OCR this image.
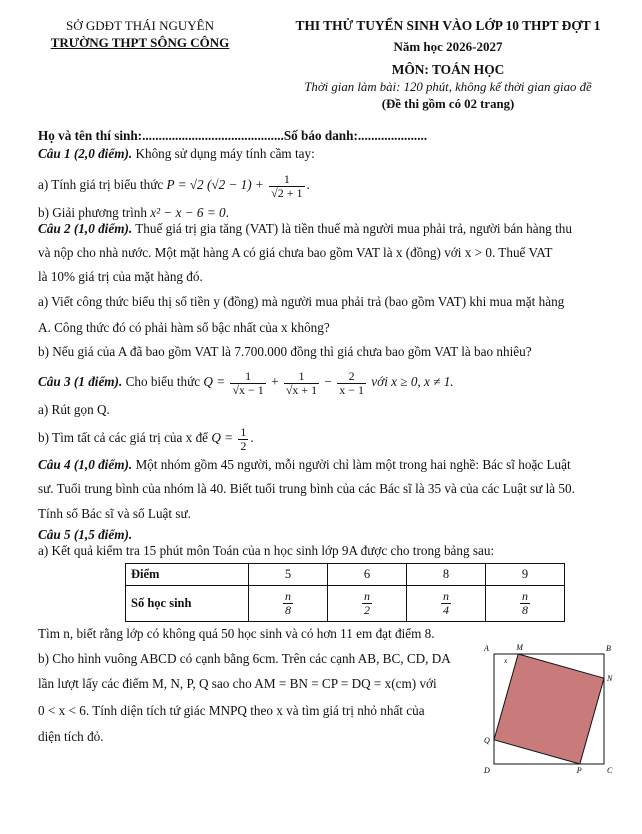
SỞ GDĐT THÁI NGUYÊN
TRƯỜNG THPT SÔNG CÔNG
THI THỬ TUYỂN SINH VÀO LỚP 10 THPT ĐỢT 1
Năm học 2026-2027
MÔN: TOÁN HỌC
Thời gian làm bài: 120 phút, không kể thời gian giao đề
(Đề thi gồm có 02 trang)
Họ và tên thí sinh:...........................................Số báo danh:.....................
Câu 1 (2,0 điểm). Không sử dụng máy tính cầm tay:
a) Tính giá trị biểu thức P = √2 $(√2 - 1) + \frac{1}{√2 + 1}$ .
b) Giải phương trình x² − x − 6 = 0.
Câu 2 (1,0 điểm). Thuế giá trị gia tăng (VAT) là tiền thuế mà người mua phải trả, người bán hàng thu
và nộp cho nhà nước. Một mặt hàng A có giá chưa bao gồm VAT là x (đồng) với x > 0. Thuế VAT
là 10% giá trị của mặt hàng đó.
a) Viết công thức biểu thị số tiền y (đồng) mà người mua phải trả (bao gồm VAT) khi mua mặt hàng
A. Công thức đó có phải hàm số bậc nhất của x không?
b) Nếu giá của A đã bao gồm VAT là 7.700.000 đồng thì giá chưa bao gồm VAT là bao nhiêu?
Câu 3 (1 điểm). Cho biểu thức $Q = \frac{1}{√x - 1} + \frac{1}{√x + 1} - \frac{2}{x - 1}$ với x ≥ 0, x ≠ 1.
a) Rút gọn Q.
b) Tìm tất cả các giá trị của x để $Q = \frac{1}{2}$ .
Câu 4 (1,0 điểm). Một nhóm gồm 45 người, mỗi người chỉ làm một trong hai nghề: Bác sĩ hoặc Luật
sư. Tuổi trung bình của nhóm là 40. Biết tuổi trung bình của các Bác sĩ là 35 và của các Luật sư là 50.
Tính số Bác sĩ và số Luật sư.
Câu 5 (1,5 điểm).
a) Kết quả kiểm tra 15 phút môn Toán của n học sinh lớp 9A được cho trong bảng sau:
Điểm	5	6	8	9
Số học sinh	$\frac{n}{8}$	$\frac{n}{2}$	$\frac{n}{4}$	$\frac{n}{8}$
Tìm n, biết rằng lớp có không quá 50 học sinh và có hơn 11 em đạt điểm 8.
b) Cho hình vuông ABCD có cạnh bằng 6cm. Trên các cạnh AB, BC, CD, DA
lần lượt lấy các điểm M, N, P, Q sao cho AM = BN = CP = DQ = x(cm) với
0 < x < 6. Tính diện tích tứ giác MNPQ theo x và tìm giá trị nhỏ nhất của
diện tích đỏ.
A	B
C
D
M
N
P
Q
x
